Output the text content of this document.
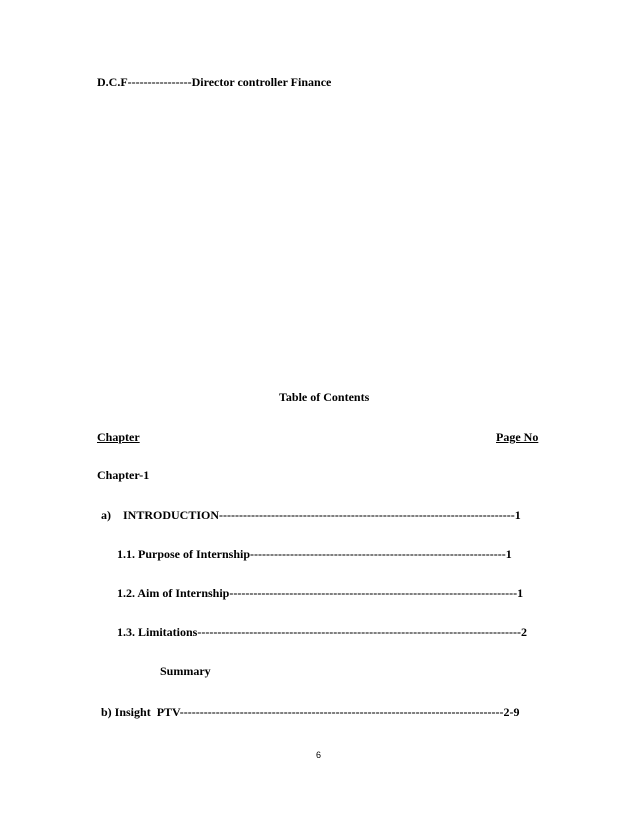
D.C.F----------------Director controller Finance
Table of Contents
Chapter	Page No
Chapter-1
a)    INTRODUCTION--------------------------------------------------------------------------1
1.1. Purpose of Internship----------------------------------------------------------------1
1.2. Aim of Internship------------------------------------------------------------------------1
1.3. Limitations---------------------------------------------------------------------------------2
Summary
b) Insight  PTV---------------------------------------------------------------------------------2-9
6
